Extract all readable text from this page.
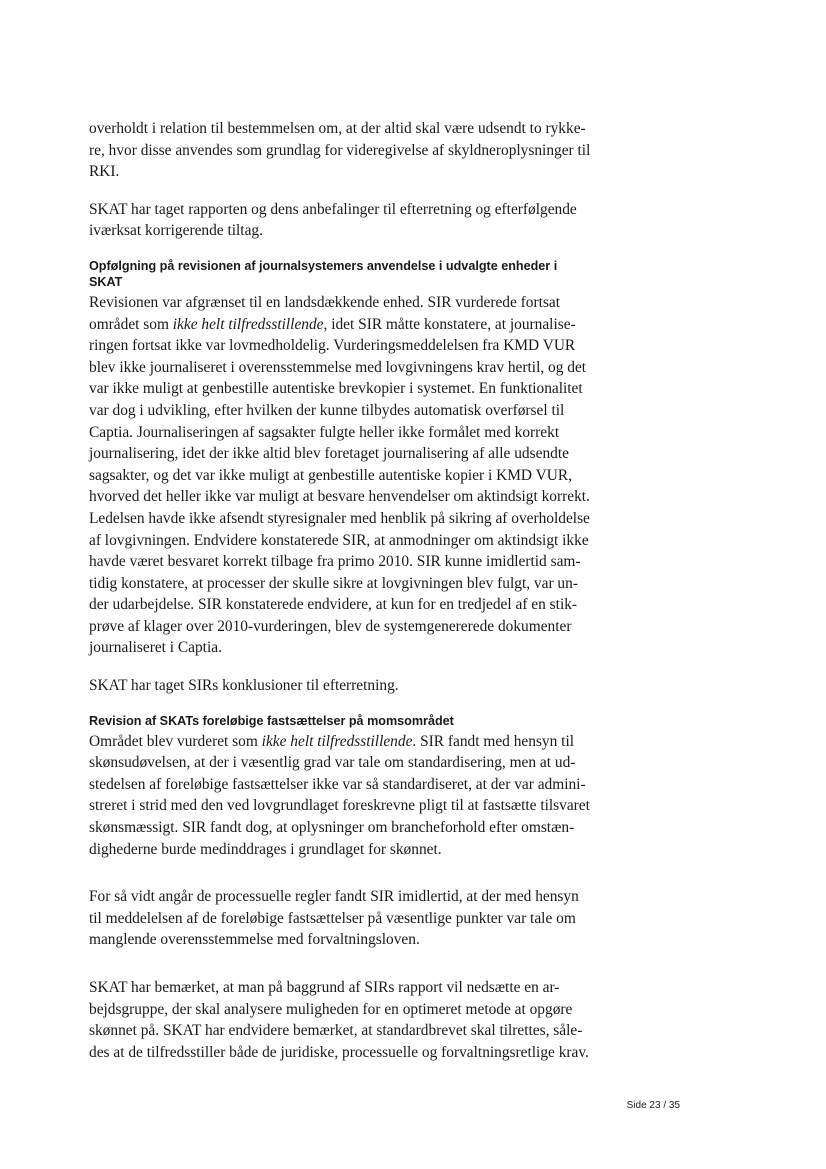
overholdt i relation til bestemmelsen om, at der altid skal være udsendt to rykke-
re, hvor disse anvendes som grundlag for videregivelse af skyldneroplysninger til
RKI.

SKAT har taget rapporten og dens anbefalinger til efterretning og efterfølgende
iværksat korrigerende tiltag.

Opfølgning på revisionen af journalsystemers anvendelse i udvalgte enheder i
SKAT

Revisionen var afgrænset til en landsdækkende enhed. SIR vurderede fortsat
området som ikke helt tilfredsstillende, idet SIR måtte konstatere, at journalise-
ringen fortsat ikke var lovmedholdelig. Vurderingsmeddelelsen fra KMD VUR
blev ikke journaliseret i overensstemmelse med lovgivningens krav hertil, og det
var ikke muligt at genbestille autentiske brevkopier i systemet. En funktionalitet
var dog i udvikling, efter hvilken der kunne tilbydes automatisk overførsel til
Captia. Journaliseringen af sagsakter fulgte heller ikke formålet med korrekt
journalisering, idet der ikke altid blev foretaget journalisering af alle udsendte
sagsakter, og det var ikke muligt at genbestille autentiske kopier i KMD VUR,
hvorved det heller ikke var muligt at besvare henvendelser om aktindsigt korrekt.
Ledelsen havde ikke afsendt styresignaler med henblik på sikring af overholdelse
af lovgivningen. Endvidere konstaterede SIR, at anmodninger om aktindsigt ikke
havde været besvaret korrekt tilbage fra primo 2010. SIR kunne imidlertid sam-
tidig konstatere, at processer der skulle sikre at lovgivningen blev fulgt, var un-
der udarbejdelse. SIR konstaterede endvidere, at kun for en tredjedel af en stik-
prøve af klager over 2010-vurderingen, blev de systemgenererede dokumenter
journaliseret i Captia.

SKAT har taget SIRs konklusioner til efterretning.

Revision af SKATs foreløbige fastsættelser på momsområdet

Området blev vurderet som ikke helt tilfredsstillende. SIR fandt med hensyn til
skønsudøvelsen, at der i væsentlig grad var tale om standardisering, men at ud-
stedelsen af foreløbige fastsættelser ikke var så standardiseret, at der var admini-
streret i strid med den ved lovgrundlaget foreskrevne pligt til at fastsætte tilsvaret
skønsmæssigt. SIR fandt dog, at oplysninger om brancheforhold efter omstæn-
dighederne burde medinddrages i grundlaget for skønnet.

For så vidt angår de processuelle regler fandt SIR imidlertid, at der med hensyn
til meddelelsen af de foreløbige fastsættelser på væsentlige punkter var tale om
manglende overensstemmelse med forvaltningsloven.

SKAT har bemærket, at man på baggrund af SIRs rapport vil nedsætte en ar-
bejdsgruppe, der skal analysere muligheden for en optimeret metode at opgøre
skønnet på. SKAT har endvidere bemærket, at standardbrevet skal tilrettes, såle-
des at de tilfredsstiller både de juridiske, processuelle og forvaltningsretlige krav.

Side 23 / 35
